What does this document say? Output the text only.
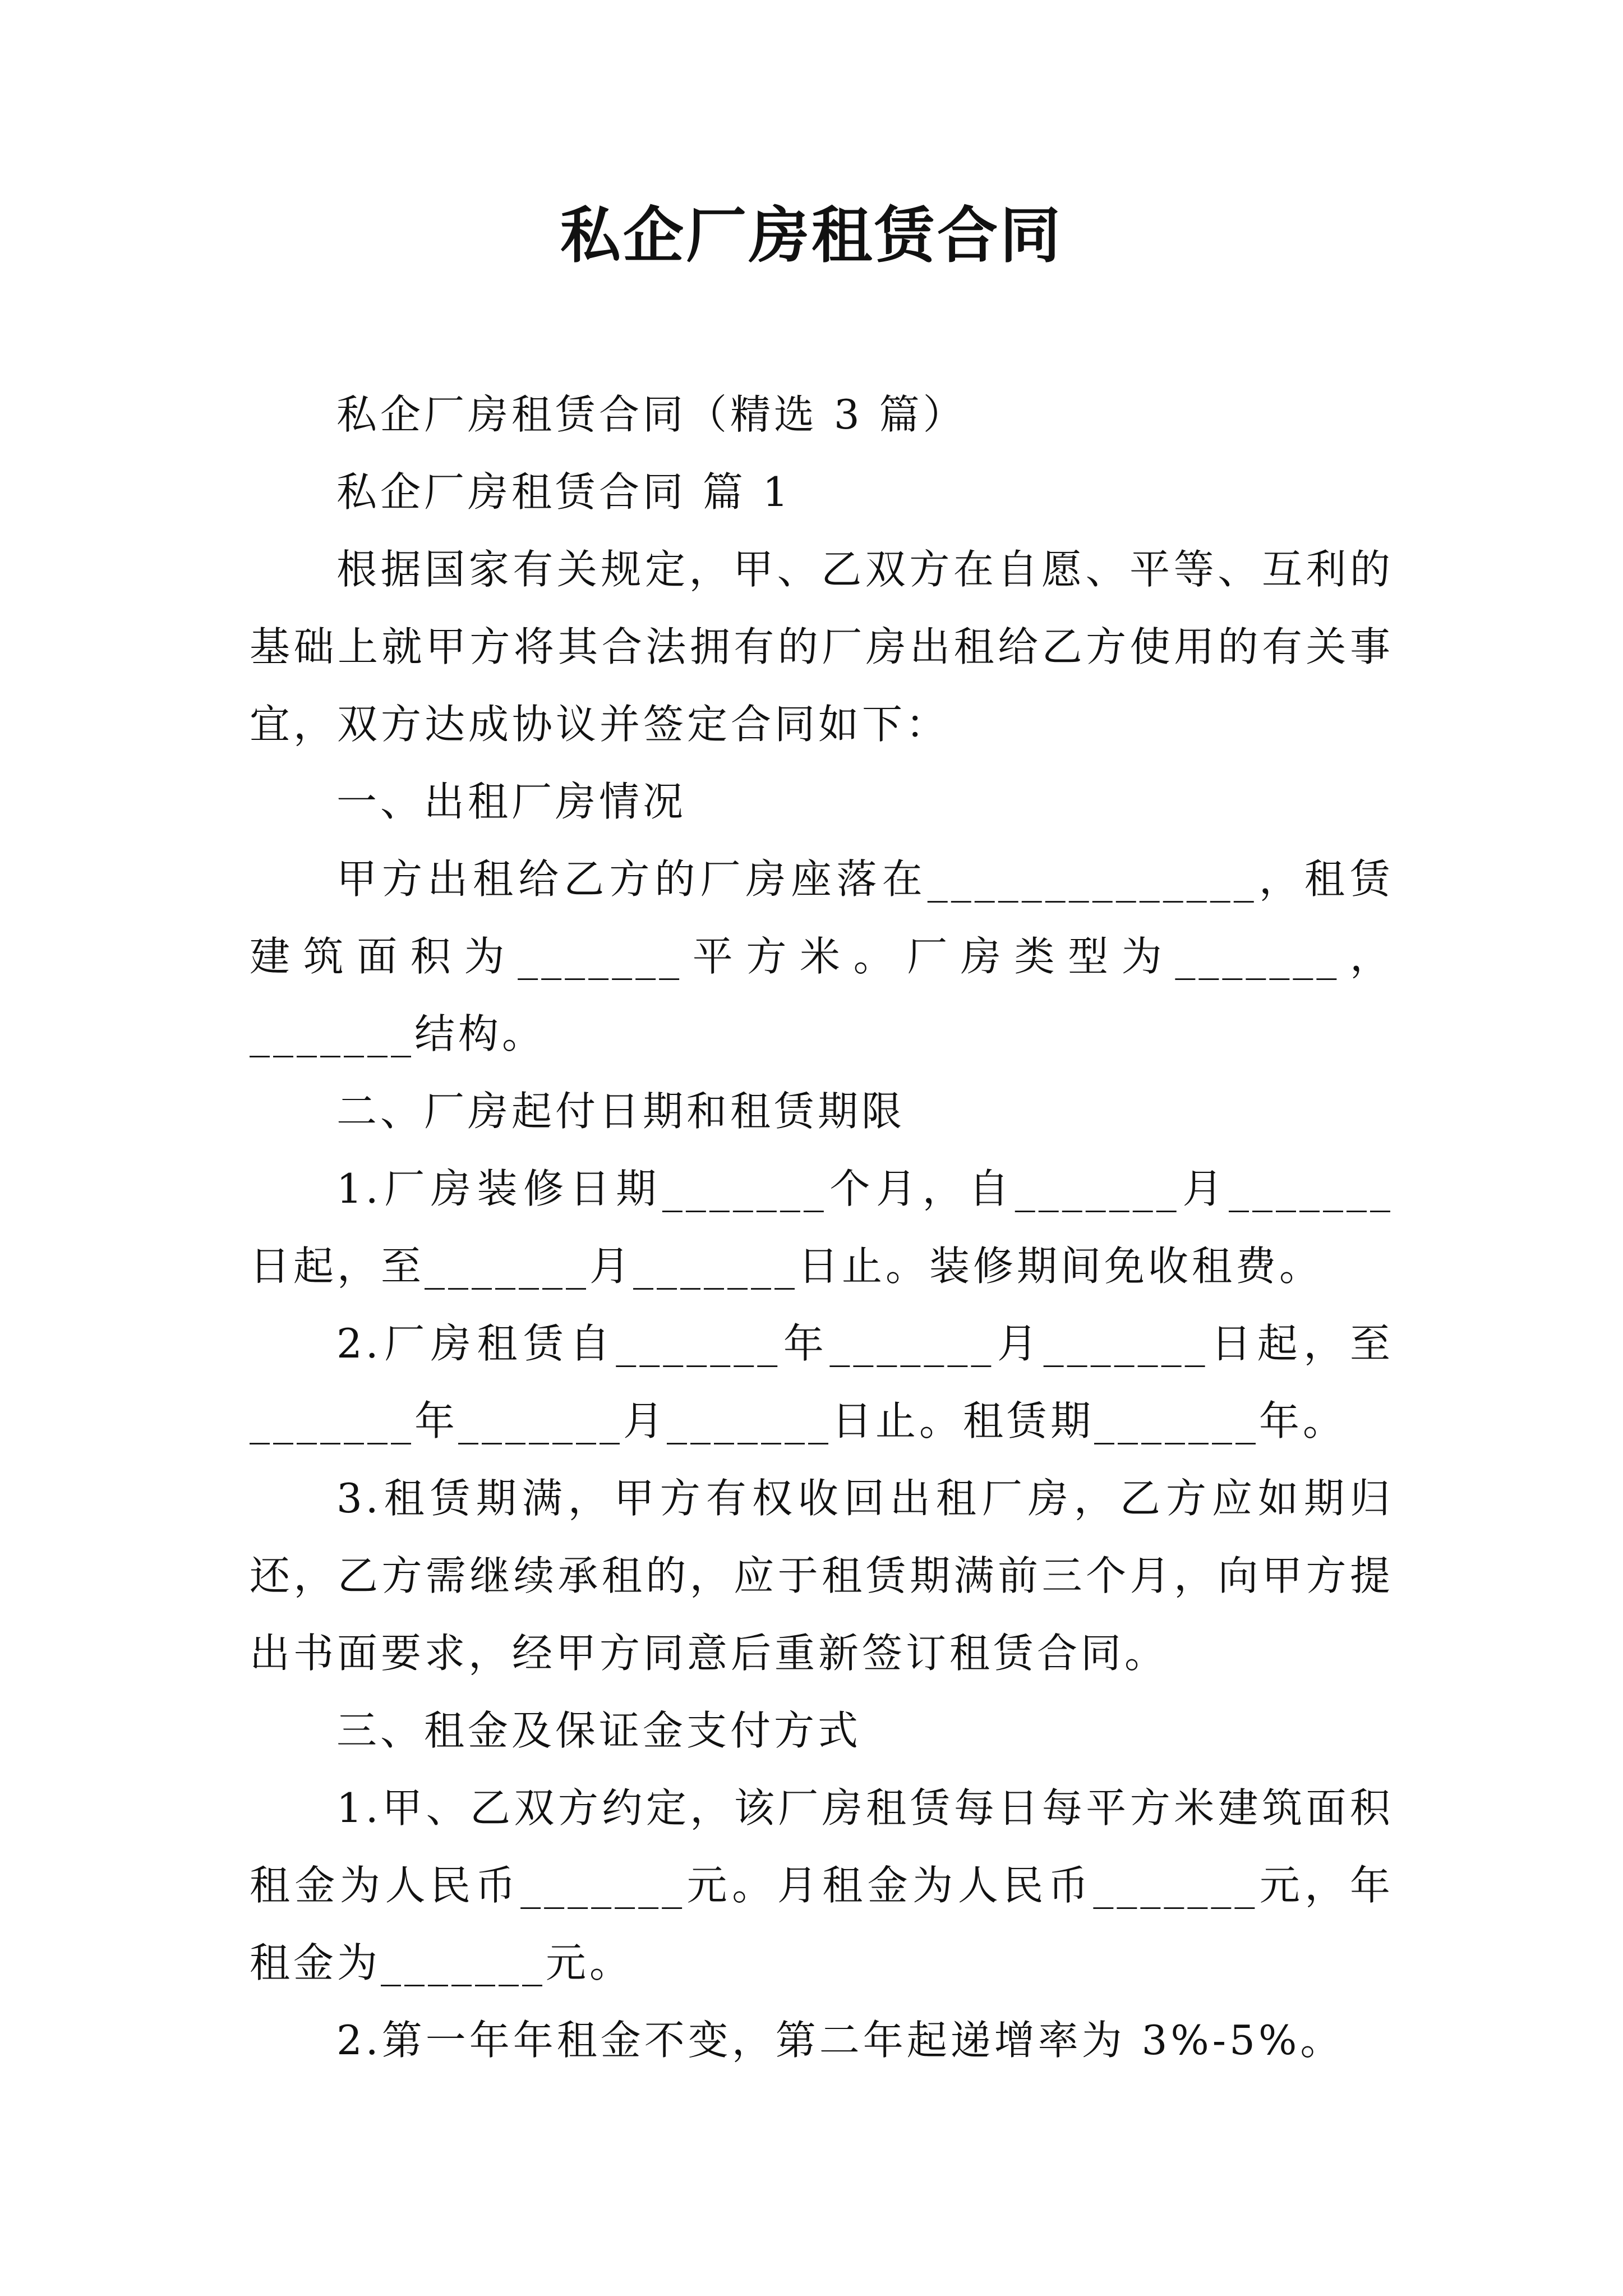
私企厂房租赁合同

私企厂房租赁合同（精选 3 篇）

私企厂房租赁合同 篇 1

根据国家有关规定，甲、乙双方在自愿、平等、互利的基础上就甲方将其合法拥有的厂房出租给乙方使用的有关事宜，双方达成协议并签定合同如下：

一、出租厂房情况

甲方出租给乙方的厂房座落在______________，租赁建筑面积为_______平方米。厂房类型为_______，_______结构。

二、厂房起付日期和租赁期限

1.厂房装修日期_______个月，自_______月_______日起，至_______月_______日止。装修期间免收租费。

2.厂房租赁自_______年_______月_______日起，至_______年_______月_______日止。租赁期_______年。

3.租赁期满，甲方有权收回出租厂房，乙方应如期归还，乙方需继续承租的，应于租赁期满前三个月，向甲方提出书面要求，经甲方同意后重新签订租赁合同。

三、租金及保证金支付方式

1.甲、乙双方约定，该厂房租赁每日每平方米建筑面积租金为人民币_______元。月租金为人民币_______元，年租金为_______元。

2.第一年年租金不变，第二年起递增率为 3%-5%。
